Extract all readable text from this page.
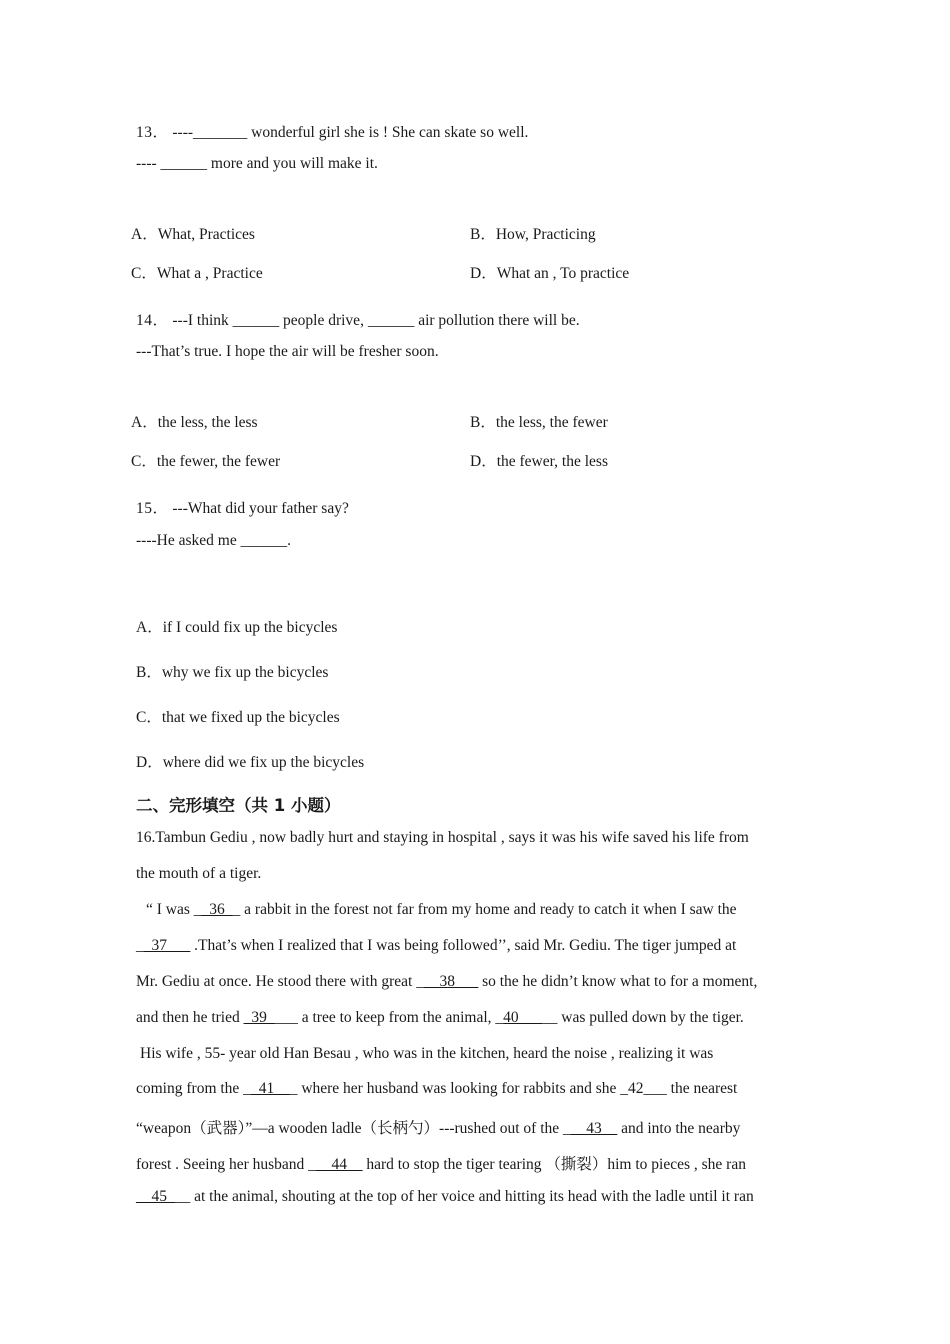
13． ----_______ wonderful girl she is ! She can skate so well.
---- ______ more and you will make it.
A．What, Practices	B．How, Practicing
C．What a , Practice	D．What an , To practice
14． ---I think ______ people drive, ______ air pollution there will be.
---That’s true. I hope the air will be fresher soon.
A．the less, the less	B．the less, the fewer
C．the fewer, the fewer	D．the fewer, the less
15． ---What did your father say?
----He asked me ______.
A．if I could fix up the bicycles
B．why we fix up the bicycles
C．that we fixed up the bicycles
D．where did we fix up the bicycles
二、完形填空（共 1 小题）
16.Tambun Gediu , now badly hurt and staying in hospital , says it was his wife saved his life from
the mouth of a tiger.
“ I was __36__ a rabbit in the forest not far from my home and ready to catch it when I saw the
__37___ .That’s when I realized that I was being followed’’, said Mr. Gediu. The tiger jumped at
Mr. Gediu at once. He stood there with great ___38___ so the he didn’t know what to for a moment,
and then he tried _39____ a tree to keep from the animal, _40_____ was pulled down by the tiger.
His wife , 55- year old Han Besau , who was in the kitchen, heard the noise , realizing it was
coming from the __41___ where her husband was looking for rabbits and she _42___ the nearest
“weapon（武器）”—a wooden ladle（长柄勺）---rushed out of the ___43__ and into the nearby
forest . Seeing her husband ___44__ hard to stop the tiger tearing （撕裂）him to pieces , she ran
__45___ at the animal, shouting at the top of her voice and hitting its head with the ladle until it ran
